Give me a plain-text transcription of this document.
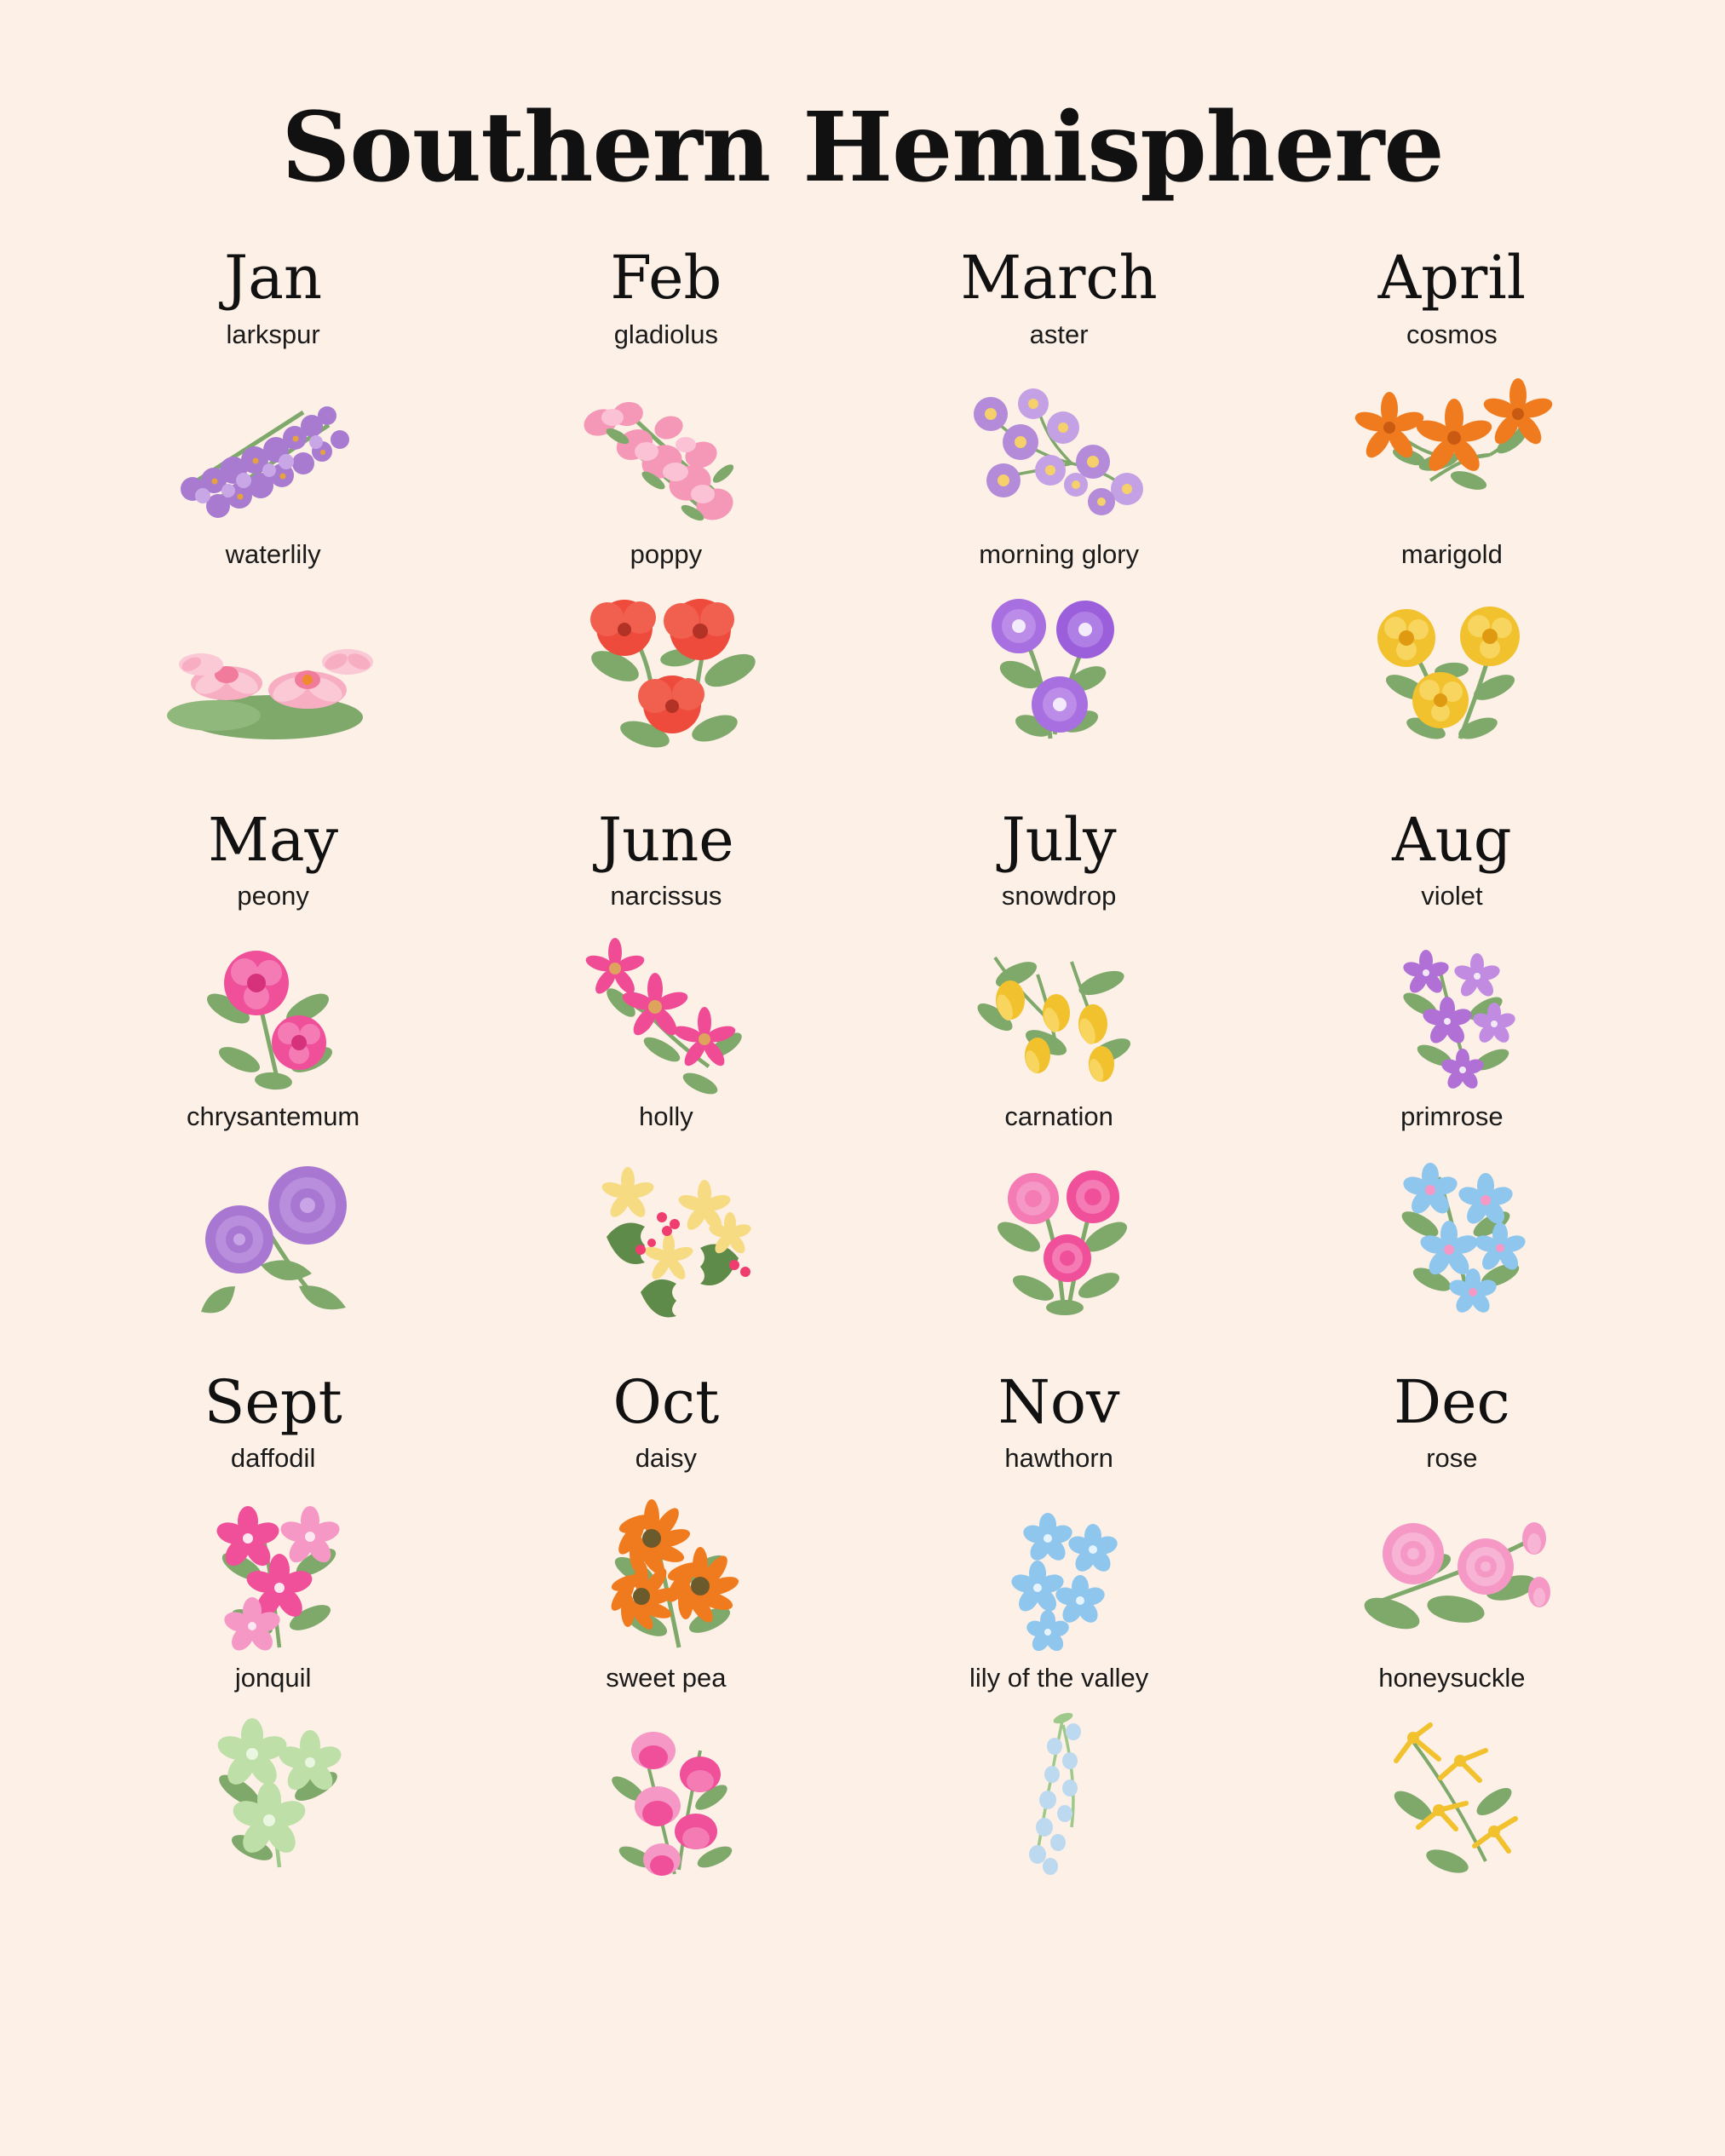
Southern Hemisphere
Jan
larkspur
waterlily
Feb
gladiolus
poppy
March
aster
morning glory
April
cosmos
marigold
May
peony
chrysantemum
June
narcissus
holly
July
snowdrop
carnation
Aug
violet
primrose
Sept
daffodil
jonquil
Oct
daisy
sweet pea
Nov
hawthorn
lily of the valley
Dec
rose
honeysuckle
